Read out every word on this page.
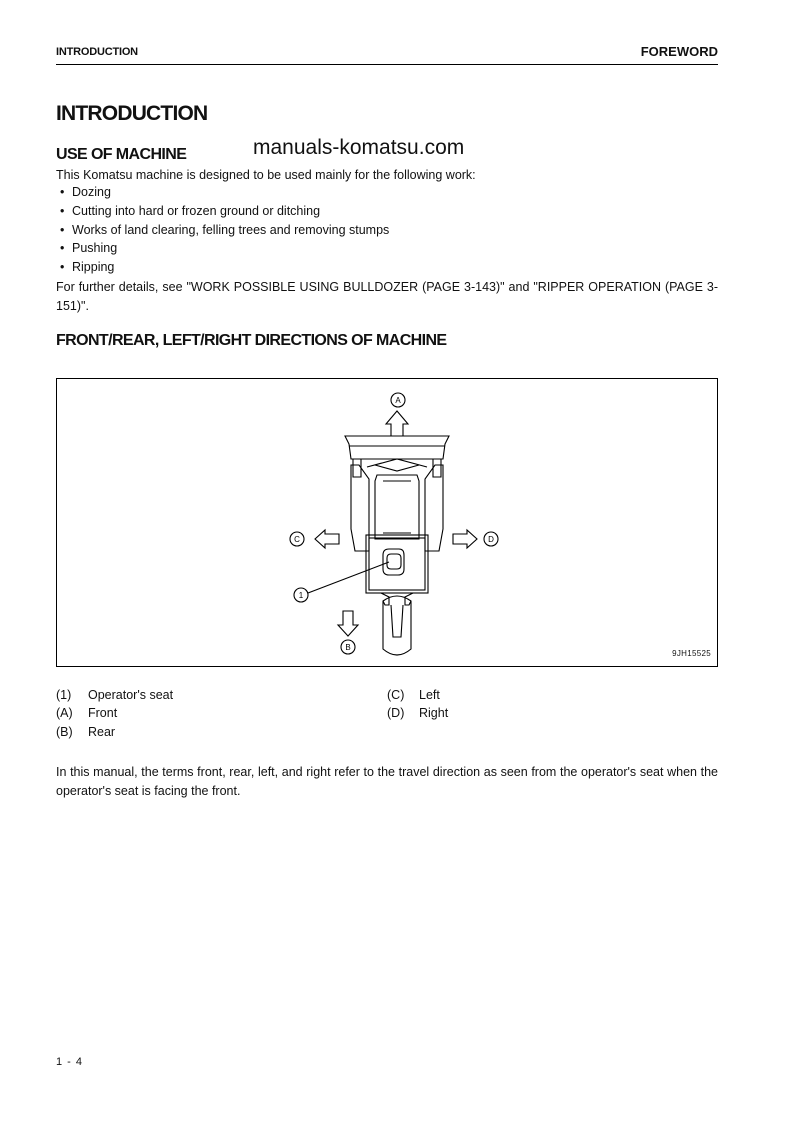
INTRODUCTION	FOREWORD
INTRODUCTION
manuals-komatsu.com
USE OF MACHINE
This Komatsu machine is designed to be used mainly for the following work:
• Dozing
• Cutting into hard or frozen ground or ditching
• Works of land clearing, felling trees and removing stumps
• Pushing
• Ripping
For further details, see "WORK POSSIBLE USING BULLDOZER (PAGE 3-143)" and "RIPPER OPERATION (PAGE 3-151)".
FRONT/REAR, LEFT/RIGHT DIRECTIONS OF MACHINE
A
B
C	D
1
9JH15525
(1) Operator's seat
(A) Front
(B) Rear
(C) Left
(D) Right
In this manual, the terms front, rear, left, and right refer to the travel direction as seen from the operator's seat when the operator's seat is facing the front.
1 - 4
